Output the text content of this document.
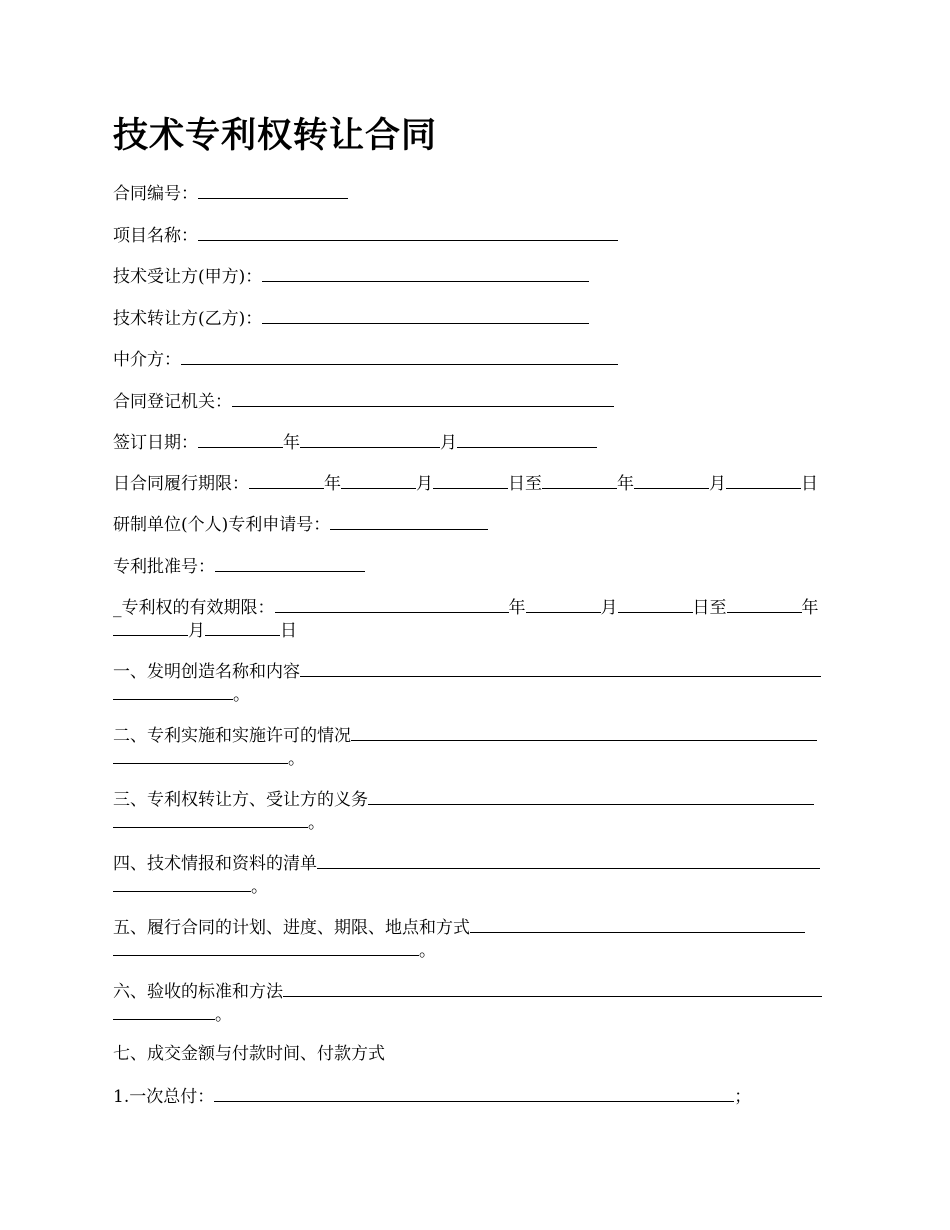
技术专利权转让合同
合同编号：
项目名称：
技术受让方(甲方)：
技术转让方(乙方)：
中介方：
合同登记机关：
签订日期：	年	月
日合同履行期限：	年	月	日至	年	月	日
研制单位(个人)专利申请号：
专利批准号：
_专利权的有效期限：	年	月	日至	年
月	日
一、发明创造名称和内容
。
二、专利实施和实施许可的情况
。
三、专利权转让方、受让方的义务
。
四、技术情报和资料的清单
。
五、履行合同的计划、进度、期限、地点和方式
。
六、验收的标准和方法
。
七、成交金额与付款时间、付款方式
1.一次总付：	；
